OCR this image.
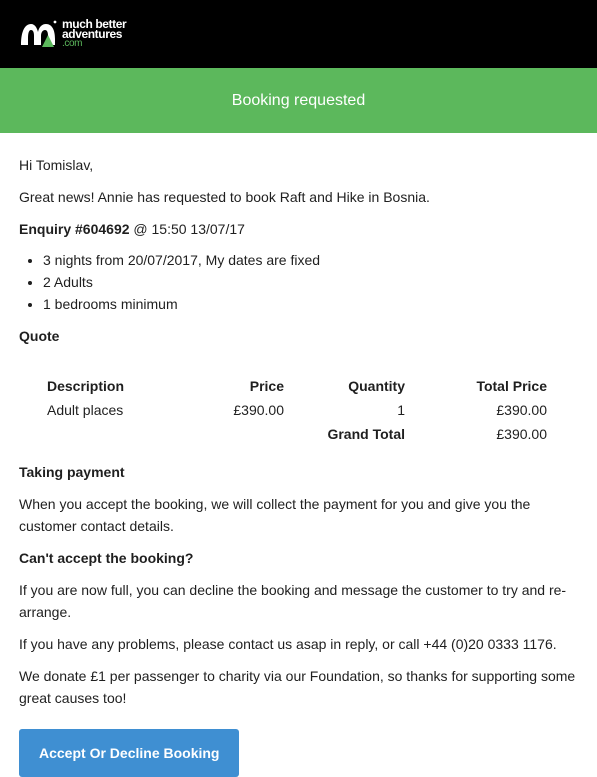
much better
adventures
.com
Booking requested

Hi Tomislav,

Great news! Annie has requested to book Raft and Hike in Bosnia.

Enquiry #604692 @ 15:50 13/07/17

• 3 nights from 20/07/2017, My dates are fixed
• 2 Adults
• 1 bedrooms minimum
Quote
Description	Price	Quantity	Total Price
Adult places	£390.00	1	£390.00
		Grand Total	£390.00
Taking payment

When you accept the booking, we will collect the payment for you and give you the customer contact details.

Can't accept the booking?

If you are now full, you can decline the booking and message the customer to try and re-arrange.

If you have any problems, please contact us asap in reply, or call +44 (0)20 0333 1176.

We donate £1 per passenger to charity via our Foundation, so thanks for supporting some great causes too!

Accept Or Decline Booking
